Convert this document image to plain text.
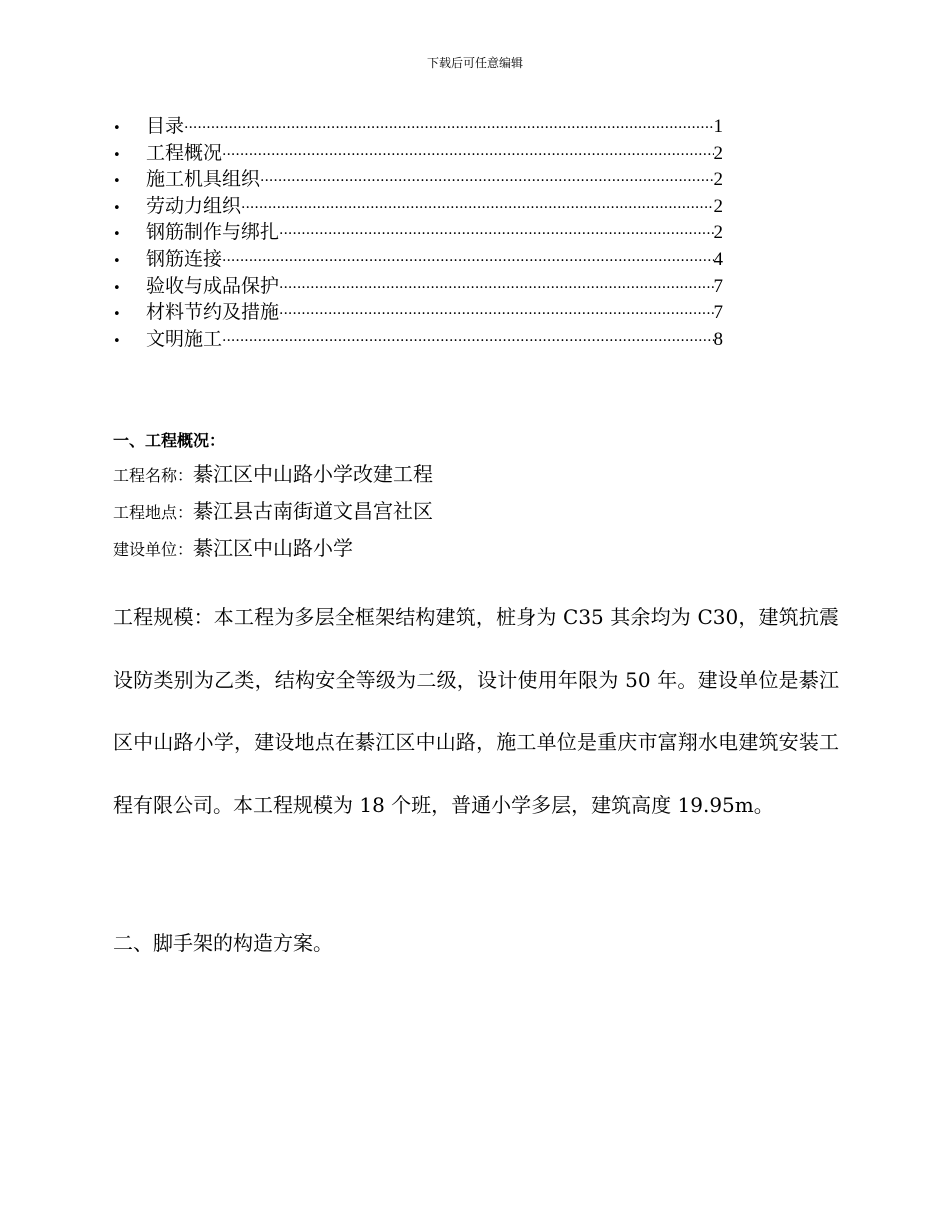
下载后可任意编辑
•	目录 ·····	1
•	工程概况 ·····	2
•	施工机具组织 ·····	2
•	劳动力组织 ·····	2
•	钢筋制作与绑扎 ·····	2
•	钢筋连接 ·····	4
•	验收与成品保护 ·····	7
•	材料节约及措施 ·····	7
•	文明施工 ·····	8
一、工程概况：
工程名称：綦江区中山路小学改建工程
工程地点：綦江县古南街道文昌宫社区
建设单位：綦江区中山路小学

工程规模：本工程为多层全框架结构建筑，桩身为 C35 其余均为 C30，建筑抗震设防类别为乙类，结构安全等级为二级，设计使用年限为 50 年。建设单位是綦江区中山路小学，建设地点在綦江区中山路，施工单位是重庆市富翔水电建筑安装工程有限公司。本工程规模为 18 个班，普通小学多层，建筑高度 19.95m。

二、脚手架的构造方案。
